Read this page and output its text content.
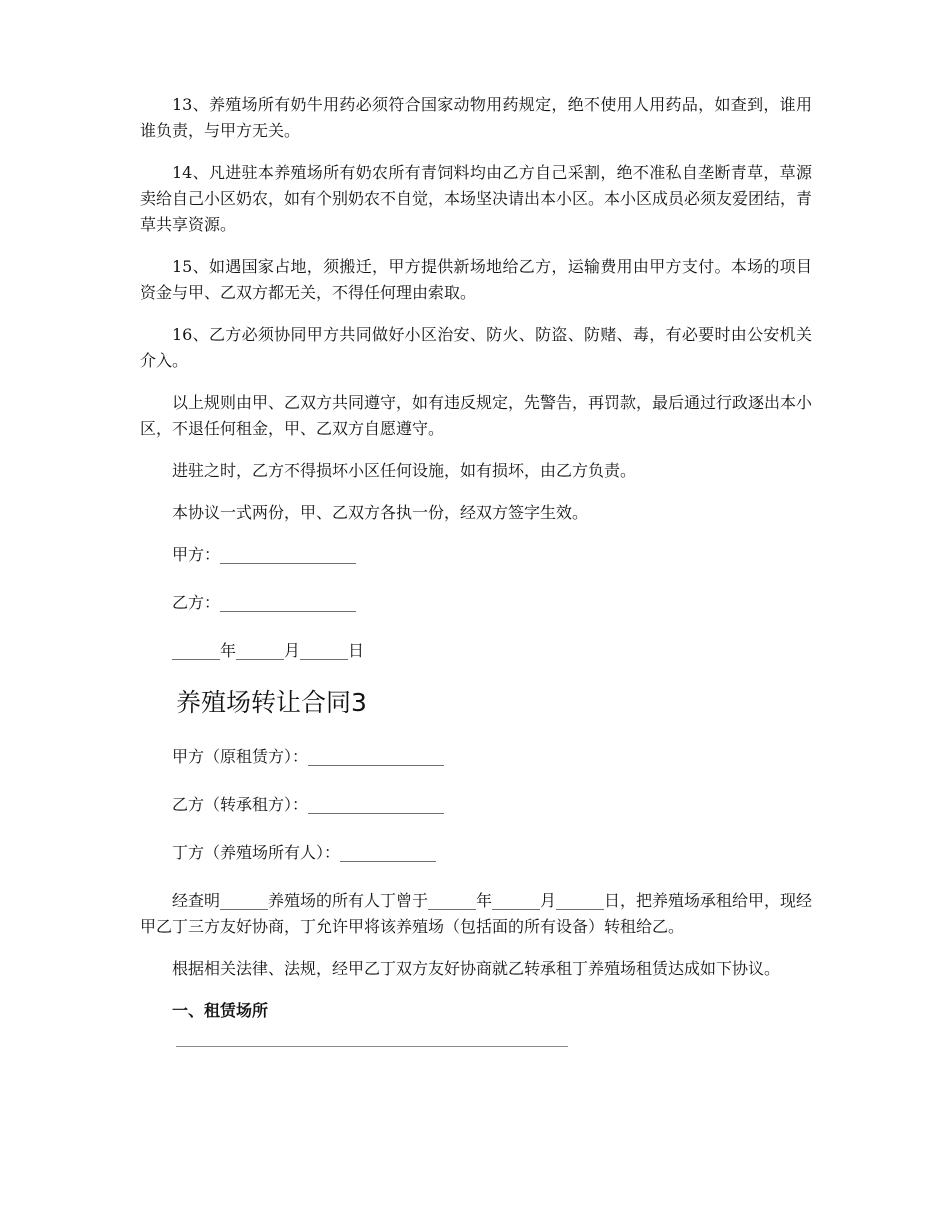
13、养殖场所有奶牛用药必须符合国家动物用药规定，绝不使用人用药品，如查到，谁用谁负责，与甲方无关。

14、凡进驻本养殖场所有奶农所有青饲料均由乙方自己采割，绝不准私自垄断青草，草源卖给自己小区奶农，如有个别奶农不自觉，本场坚决请出本小区。本小区成员必须友爱团结，青草共享资源。

15、如遇国家占地，须搬迁，甲方提供新场地给乙方，运输费用由甲方支付。本场的项目资金与甲、乙双方都无关，不得任何理由索取。

16、乙方必须协同甲方共同做好小区治安、防火、防盗、防赌、毒，有必要时由公安机关介入。

以上规则由甲、乙双方共同遵守，如有违反规定，先警告，再罚款，最后通过行政逐出本小区，不退任何租金，甲、乙双方自愿遵守。

进驻之时，乙方不得损坏小区任何设施，如有损坏，由乙方负责。

本协议一式两份，甲、乙双方各执一份，经双方签字生效。

甲方：_________________
乙方：_________________
______年______月______日
养殖场转让合同3
甲方（原租赁方）：_________________
乙方（转承租方）：_________________
丁方（养殖场所有人）：____________

经查明______养殖场的所有人丁曾于______年______月______日，把养殖场承租给甲，现经甲乙丁三方友好协商，丁允许甲将该养殖场（包括面的所有设备）转租给乙。

根据相关法律、法规，经甲乙丁双方友好协商就乙转承租丁养殖场租赁达成如下协议。

一、租赁场所
